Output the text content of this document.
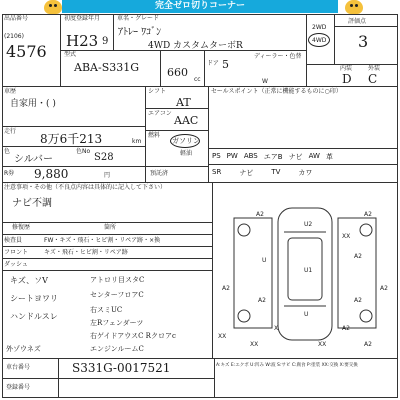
完全ゼロ切りコーナー
出品番号
(2106)
4576
初度登録年月
H23 9
車名・グレード
ｱﾄﾚｰ ﾜｺﾞﾝ
4WD カスタムターボR
2WD
4WD
評価点
3
型式
ABA-S331G	660
cc
ドア 5
ディーラー・色替
W
内装	外装
D C
車歴
自家用・( )
シフト
AT
エアコン
AAC
走行
8万6千213	km
燃料
ガソリン
軽油
色
シルバー
色No
S28
R券 9,880	円	預託済
セールスポイント（正常に機能するものに○印）
PS PW ABS エアB ナビ AW 革
SR	ナビ	TV	カワ
注意事項・その他（不良点内容は具体的に記入して下さい）
ナビ不調
修復歴	箇所
検査員	FW・キズ・飛石・ヒビ割・リペア跡・×換
フロント	キズ・飛石・ヒビ割・リペア跡
ダッシュ
キズ、ソV
シートヨワリ
ハンドルスレ
アトロリ目スタC
センターフロアC
右スミUC
左Rフェンダーツ
右ゲイドアウスC Rクロアc
エンジンルームC
外ゾウネズ
A2	A2
XX
U2
U
A2
U1
A2	A2
A2
U
A2
X	A2
XX	A2
XX
XX
車台番号	S331G-0017521
登録番号
A:キズ E:エクボ U:凹み W:波 S:サビ C:腐食 P:塗装 XX:交換 X:要交換
